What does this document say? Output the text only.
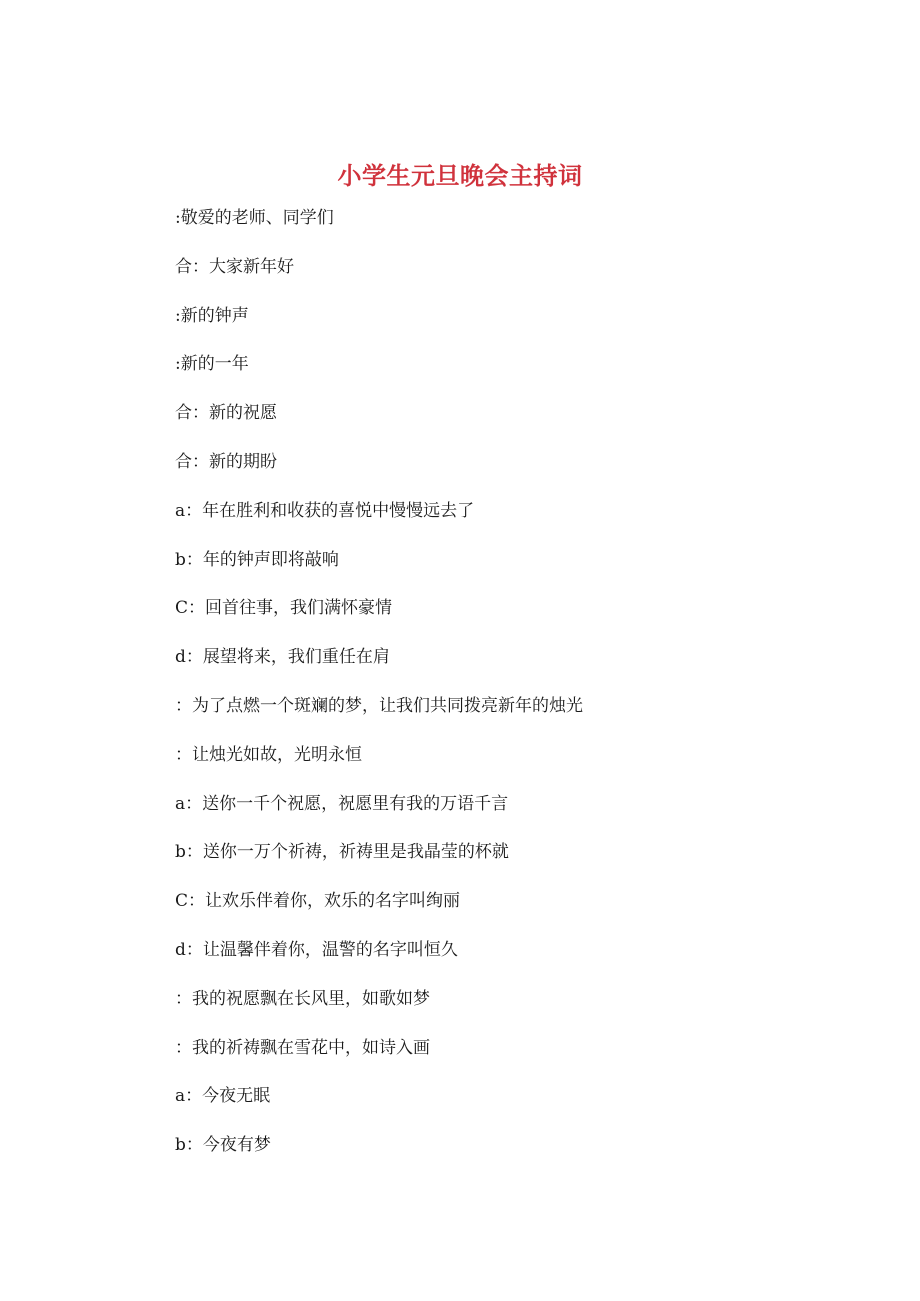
小学生元旦晚会主持词
:敬爱的老师、同学们
合：大家新年好
:新的钟声
:新的一年
合：新的祝愿
合：新的期盼
a：年在胜利和收获的喜悦中慢慢远去了
b：年的钟声即将敲响
C：回首往事，我们满怀豪情
d：展望将来，我们重任在肩
：为了点燃一个斑斓的梦，让我们共同拨亮新年的烛光
：让烛光如故，光明永恒
a：送你一千个祝愿，祝愿里有我的万语千言
b：送你一万个祈祷，祈祷里是我晶莹的杯就
C：让欢乐伴着你，欢乐的名字叫绚丽
d：让温馨伴着你，温警的名字叫恒久
：我的祝愿飘在长风里，如歌如梦
：我的祈祷飘在雪花中，如诗入画
a：今夜无眠
b：今夜有梦
